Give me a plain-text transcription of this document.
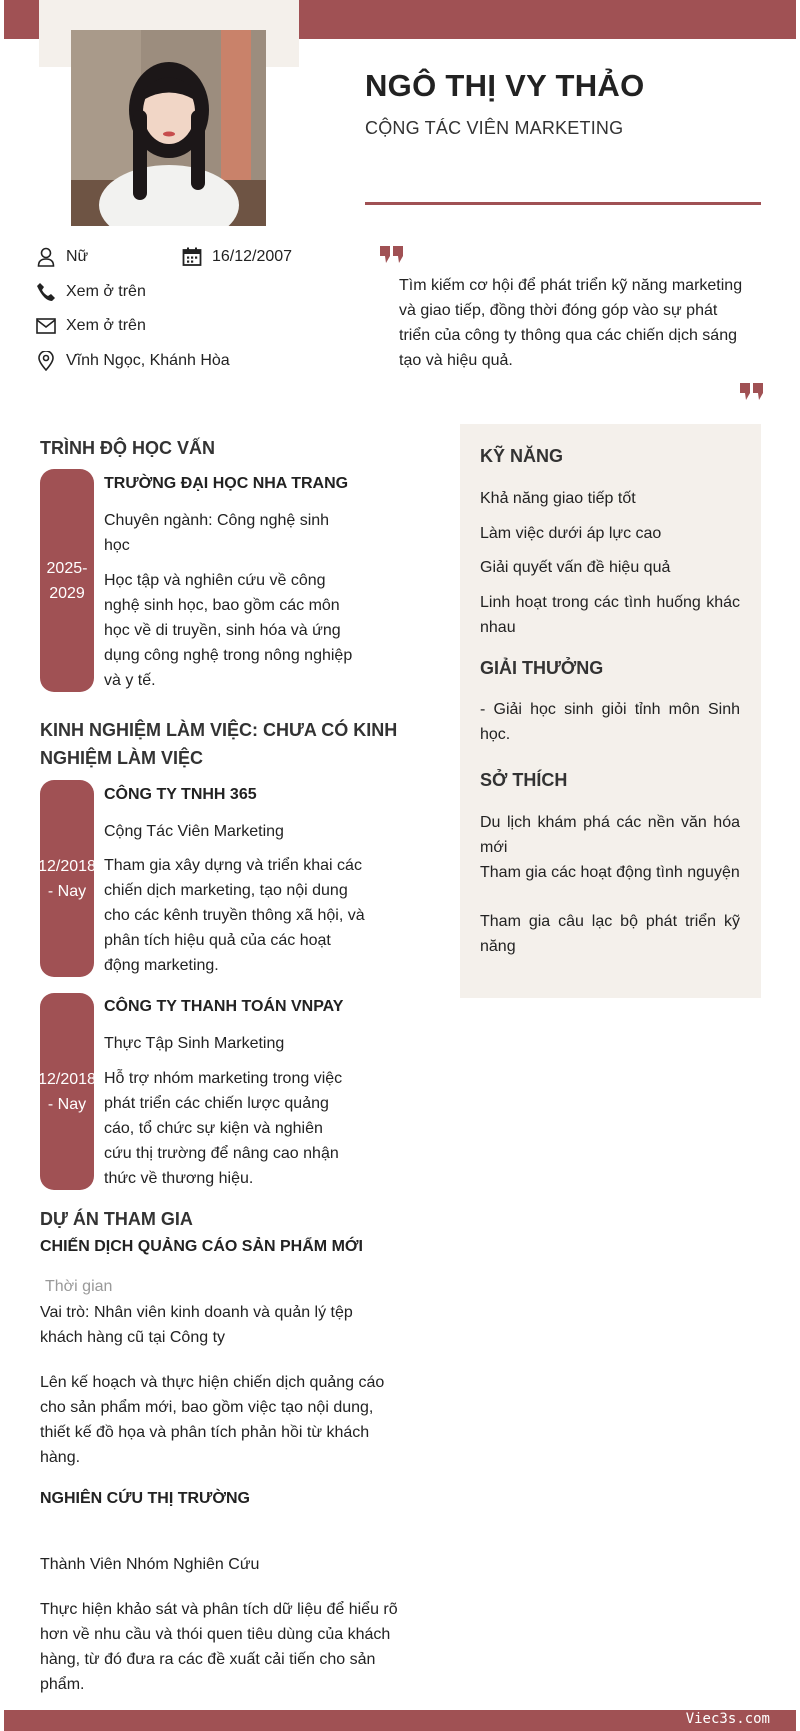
NGÔ THỊ VY THẢO
CỘNG TÁC VIÊN MARKETING
Nữ	16/12/2007
Xem ở trên
Xem ở trên
Vĩnh Ngọc, Khánh Hòa
Tìm kiếm cơ hội để phát triển kỹ năng marketing và giao tiếp, đồng thời đóng góp vào sự phát triển của công ty thông qua các chiến dịch sáng tạo và hiệu quả.
TRÌNH ĐỘ HỌC VẤN
2025-2029
TRƯỜNG ĐẠI HỌC NHA TRANG
Chuyên ngành: Công nghệ sinh học
Học tập và nghiên cứu về công nghệ sinh học, bao gồm các môn học về di truyền, sinh hóa và ứng dụng công nghệ trong nông nghiệp và y tế.
KINH NGHIỆM LÀM VIỆC: CHƯA CÓ KINH NGHIỆM LÀM VIỆC
12/2018 - Nay
CÔNG TY TNHH 365
Cộng Tác Viên Marketing
Tham gia xây dựng và triển khai các chiến dịch marketing, tạo nội dung cho các kênh truyền thông xã hội, và phân tích hiệu quả của các hoạt động marketing.
12/2018 - Nay
CÔNG TY THANH TOÁN VNPAY
Thực Tập Sinh Marketing
Hỗ trợ nhóm marketing trong việc phát triển các chiến lược quảng cáo, tổ chức sự kiện và nghiên cứu thị trường để nâng cao nhận thức về thương hiệu.
DỰ ÁN THAM GIA
CHIẾN DỊCH QUẢNG CÁO SẢN PHẨM MỚI
Thời gian
Vai trò: Nhân viên kinh doanh và quản lý tệp khách hàng cũ tại Công ty
Lên kế hoạch và thực hiện chiến dịch quảng cáo cho sản phẩm mới, bao gồm việc tạo nội dung, thiết kế đồ họa và phân tích phản hồi từ khách hàng.
NGHIÊN CỨU THỊ TRƯỜNG
Thành Viên Nhóm Nghiên Cứu
Thực hiện khảo sát và phân tích dữ liệu để hiểu rõ hơn về nhu cầu và thói quen tiêu dùng của khách hàng, từ đó đưa ra các đề xuất cải tiến cho sản phẩm.
KỸ NĂNG
Khả năng giao tiếp tốt
Làm việc dưới áp lực cao
Giải quyết vấn đề hiệu quả
Linh hoạt trong các tình huống khác nhau
GIẢI THƯỞNG
- Giải học sinh giỏi tỉnh môn Sinh học.
SỞ THÍCH
Du lịch khám phá các nền văn hóa mới
Tham gia các hoạt động tình nguyện
Tham gia câu lạc bộ phát triển kỹ năng
Viec3s.com
